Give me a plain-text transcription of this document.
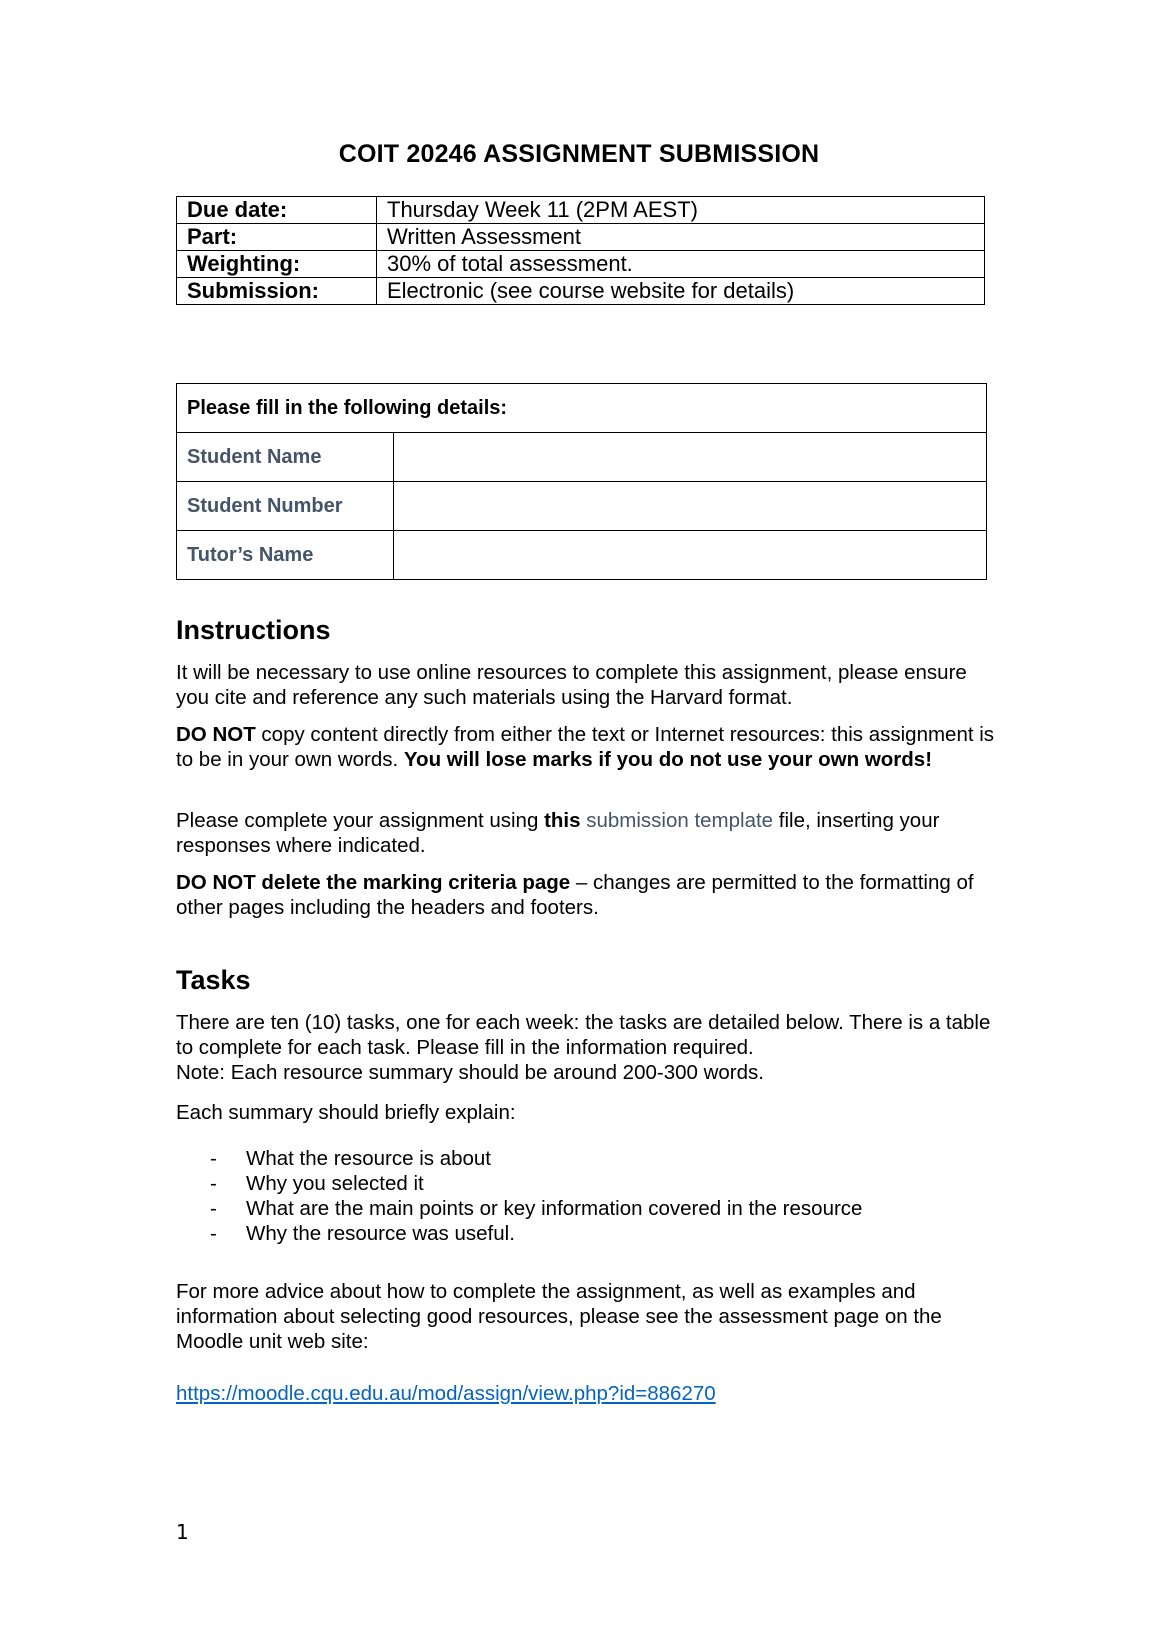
COIT 20246 ASSIGNMENT SUBMISSION
Due date:	Thursday Week 11 (2PM AEST)
Part:	Written Assessment
Weighting:	30% of total assessment.
Submission:	Electronic (see course website for details)
Please fill in the following details:	
Student Name	
Student Number	
Tutor’s Name	
Instructions
It will be necessary to use online resources to complete this assignment, please ensure you cite and reference any such materials using the Harvard format.
DO NOT copy content directly from either the text or Internet resources: this assignment is to be in your own words. You will lose marks if you do not use your own words!
Please complete your assignment using this submission template file, inserting your responses where indicated.
DO NOT delete the marking criteria page – changes are permitted to the formatting of other pages including the headers and footers.
Tasks
There are ten (10) tasks, one for each week: the tasks are detailed below. There is a table to complete for each task. Please fill in the information required.
Note: Each resource summary should be around 200-300 words.
Each summary should briefly explain:
- What the resource is about
- Why you selected it
- What are the main points or key information covered in the resource
- Why the resource was useful.
For more advice about how to complete the assignment, as well as examples and information about selecting good resources, please see the assessment page on the Moodle unit web site:
https://moodle.cqu.edu.au/mod/assign/view.php?id=886270
1
